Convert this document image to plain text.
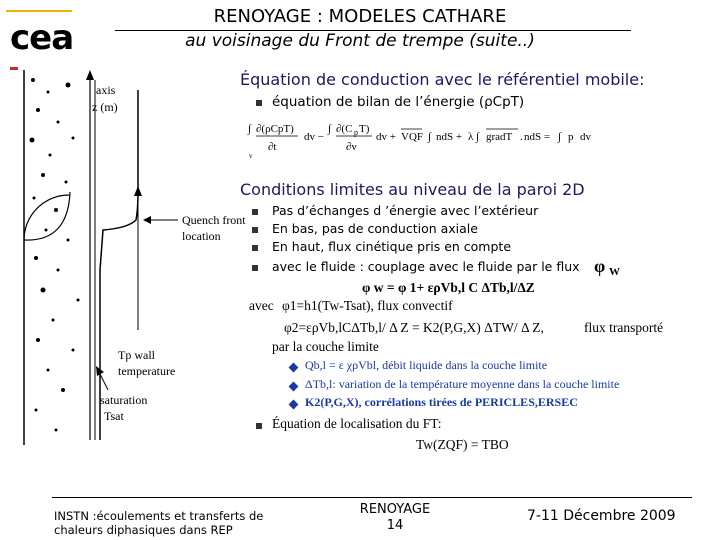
cea
RENOYAGE : MODELES CATHARE
au voisinage du Front de trempe (suite..)
axis
z (m)
Quench front
location
Tp wall
temperature
saturation
Tsat
Équation de conduction avec le référentiel mobile:
équation de bilan de l’énergie (ρCpT)
∫ ∂(ρCpT)
∂t
v
dv −
∫ ∂(C p T)
∂v
dv + VQF ∫ ndS + λ ∫ gradT . ndS = ∫ p dv
Conditions limites au niveau de la paroi 2D
Pas d’échanges d ’énergie avec l’extérieur
En bas, pas de conduction axiale
En haut, flux cinétique pris en compte
avec le fluide : couplage avec le fluide par le flux φ W
φ w = φ 1+ ερVb,l C ΔTb,l/ΔZ
avec φ1=h1(Tw-Tsat), flux convectif
φ2=ερVb,lCΔTb,l/ Δ Z = K2(P,G,X) ΔTW/ Δ Z,	flux transporté
par la couche limite
Qb,l = ε χρVbl, débit liquide dans la couche limite
ΔTb,l: variation de la température moyenne dans la couche limite
K2(P,G,X), corrélations tirées de PERICLES,ERSEC
Équation de localisation du FT:
Tw(ZQF) = TBO
INSTN :écoulements et transferts de
chaleurs diphasiques dans REP
RENOYAGE
14
7-11 Décembre 2009
